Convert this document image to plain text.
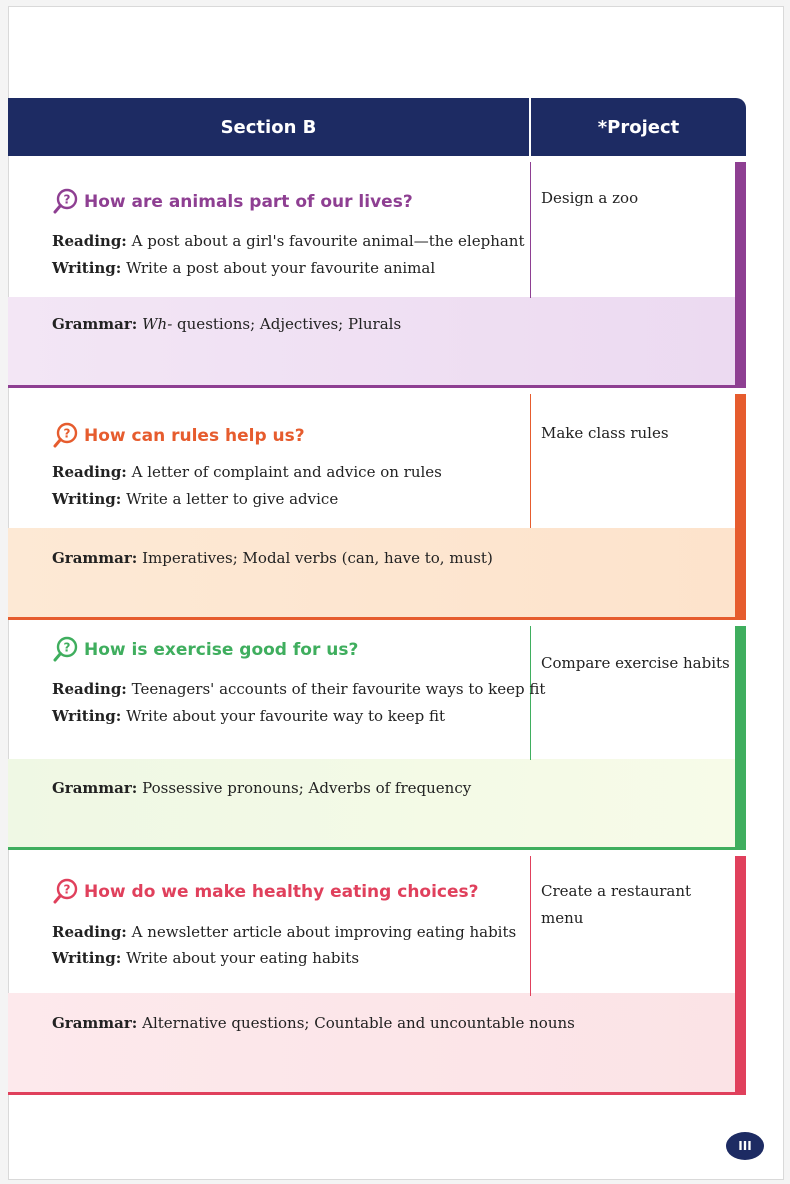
Section B	*Project
? How are animals part of our lives?
Reading: A post about a girl's favourite animal—the elephant
Writing: Write a post about your favourite animal
Grammar: Wh- questions; Adjectives; Plurals
Design a zoo
? How can rules help us?
Reading: A letter of complaint and advice on rules
Writing: Write a letter to give advice
Grammar: Imperatives; Modal verbs (can, have to, must)
Make class rules
? How is exercise good for us?
Reading: Teenagers' accounts of their favourite ways to keep fit
Writing: Write about your favourite way to keep fit
Grammar: Possessive pronouns; Adverbs of frequency
Compare exercise habits
? How do we make healthy eating choices?
Reading: A newsletter article about improving eating habits
Writing: Write about your eating habits
Grammar: Alternative questions; Countable and uncountable nouns
Create a restaurant menu
III
